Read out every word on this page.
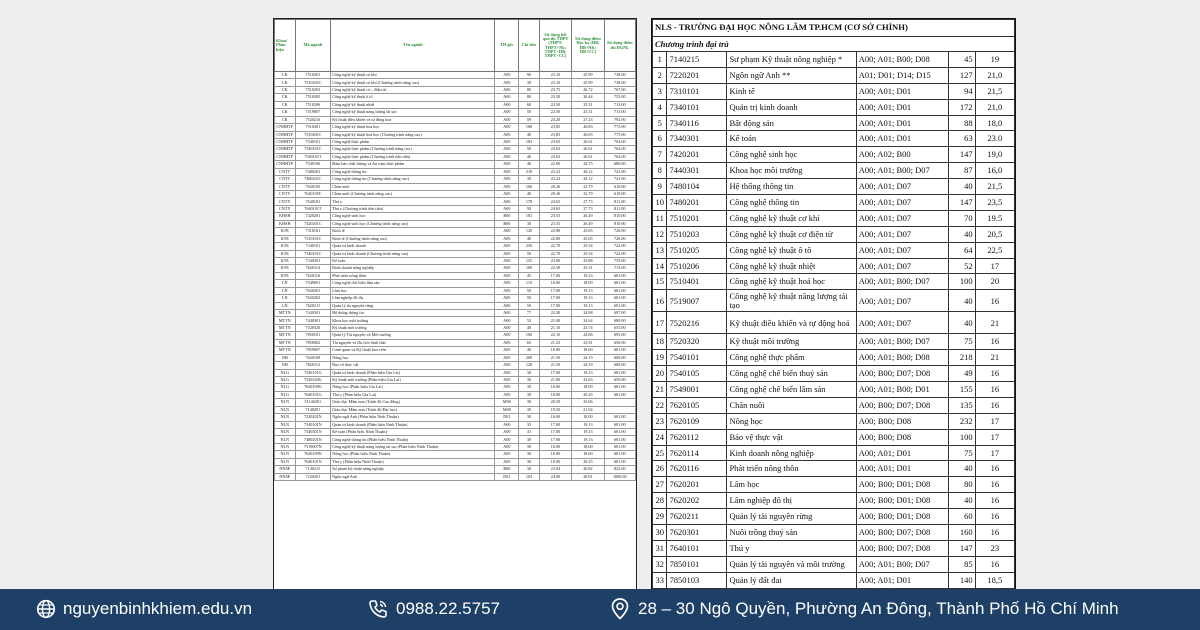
Khoa/ Phân hiệu	Mã ngành	Tên ngành	TH gốc	Chỉ tiêu	Sử dụng kết quả thi THPT (THPT: THPT+Nk; THPT+HB; THPT+CC)	Sử dụng điểm Học bạ (HB; HB+NK; HB+CC)	Sử dụng điểm thi ĐGNL
CK	7510201	Công nghệ kỹ thuật cơ khí	A00	96	23.10	25.99	738.00
CK	7510201C	Công nghệ kỹ thuật cơ khí (Chương trình nâng cao)	A00	30	23.10	25.99	738.00
CK	7510203	Công nghệ kỹ thuật cơ – điện tử	A00	80	23.75	26.72	767.00
CK	7510205	Công nghệ kỹ thuật ô tô	A00	80	23.50	26.44	755.00
CK	7510206	Công nghệ kỹ thuật nhiệt	A00	60	22.50	25.31	713.00
CK	7519007	Công nghệ kỹ thuật năng lượng tái tạo	A00	50	22.50	25.31	713.00
CK	7520216	Kỹ thuật điều khiển và tự động hóa	A00	59	24.20	27.23	792.00
CNHHTP	7510401	Công nghệ kỹ thuật hóa học	A00	100	23.85	26.83	775.00
CNHHTP	7510401C	Công nghệ kỹ thuật hoá học (Chương trình nâng cao)	A00	40	23.85	26.83	775.00
CNHHTP	7540101	Công nghệ thực phẩm	A00	183	23.65	26.61	764.00
CNHHTP	7540101C	Công nghệ thực phẩm (Chương trình nâng cao)	A00	50	23.65	26.61	764.00
CNHHTP	7540101T	Công nghệ thực phẩm (Chương trình tiên tiến)	A00	40	23.65	26.61	764.00
CNHHTP	7540106	Đảm bảo chất lượng và An toàn thực phẩm	A00	40	22.00	24.75	680.00
CNTT	7480201	Công nghệ thông tin	A00	210	23.22	26.12	741.00
CNTT	7480201C	Công nghệ thông tin (Chương trình nâng cao)	A00	30	23.22	26.12	741.00
CNTY	7620105	Chăn nuôi	A00	160	20.26	22.79	610.00
CNTY	7620105C	Chăn nuôi (Chương trình nâng cao)	A00	40	20.26	22.79	610.00
CNTY	7640101	Thú y	A00	178	24.65	27.73	811.00
CNTY	7640101T	Thú y (Chương trình tiên tiến)	A00	50	24.65	27.73	811.00
KHSH	7420201	Công nghệ sinh học	B00	181	23.55	26.49	810.00
KHSH	7420201C	Công nghệ sinh học (Chương trình nâng cao)	B00	30	23.55	26.49	810.00
KTE	7310101	Kinh tế	A00	120	22.80	25.65	726.00
KTE	7310101C	Kinh tế (Chương trình nâng cao)	A00	40	22.80	25.65	726.00
KTE	7340101	Quản trị kinh doanh	A00	250	22.70	25.54	722.00
KTE	7340101C	Quản trị kinh doanh (Chương trình nâng cao)	A00	50	22.70	25.54	722.00
KTE	7340301	Kế toán	A00	155	23.00	25.88	735.00
KTE	7620114	Kinh doanh nông nghiệp	A00	100	22.50	25.31	713.00
KTE	7620116	Phát triển nông thôn	A00	45	17.00	19.13	601.00
LN	7549001	Công nghệ chế biến lâm sản	A00	110	16.00	18.00	601.00
LN	7620201	Lâm học	A00	50	17.00	19.13	601.00
LN	7620202	Lâm nghiệp đô thị	A00	50	17.00	19.13	601.00
LN	7620211	Quản lý tài nguyên rừng	A00	50	17.00	19.13	601.00
MTTN	7440301	Hệ thống thông tin	A00	77	22.20	24.98	697.00
MTTN	7440301	Khoa học môi trường	A00	52	21.00	24.64	680.00
MTTN	7520320	Kỹ thuật môi trường	A00	40	21.10	23.74	655.00
MTTN	7850101	Quản lý Tài nguyên và Môi trường	A00	100	22.10	24.86	695.00
MTTN	7850002	Tài nguyên và Du lịch Sinh thái	A00	65	21.25	23.91	650.00
MTTN	7859007	Cảnh quan và Kỹ thuật hoa viên	A00	40	16.00	18.00	601.00
NH	7620109	Nông học	A00	200	21.50	24.19	669.00
NH	7620112	Bảo vệ thực vật	A00	120	21.50	24.19	669.00
NLG	7340101G	Quản trị kinh doanh (Phân hiệu Gia Lai)	A00	30	17.00	19.13	601.00
NLG	7520320G	Kỹ thuật môi trường (Phân hiệu Gia Lai)	A00	30	21.00	23.63	650.00
NLG	7620109G	Nông học (Phân hiệu Gia Lai)	A00	30	16.00	18.00	601.00
NLG	7640101G	Thú y (Phân hiệu Gia Lai)	A00	30	18.00	20.25	601.00
NLN	51140201	Giáo dục Mầm non (Trình độ Cao đẳng)	M00	30	20.50	23.06	
NLN	7140201	Giáo dục Mầm non (Trình độ Đại học)	M00	30	19.50	21.94	
NLN	7220201N	Ngôn ngữ Anh (Phân hiệu Ninh Thuận)	D01	30	16.00	18.00	601.00
NLN	7340101N	Quản trị kinh doanh (Phân hiệu Ninh Thuận)	A00	35	17.00	19.13	601.00
NLN	7340301N	Kế toán (Phân hiệu Ninh Thuận)	A00	41	17.00	19.13	601.00
NLN	7480201N	Công nghệ thông tin (Phân hiệu Ninh Thuận)	A00	30	17.00	19.13	601.00
NLN	7519007N	Công nghệ kỹ thuật năng lượng tái tạo (Phân hiệu Ninh Thuận)	A00	30	16.00	18.00	601.00
NLN	7620109N	Nông học (Phân hiệu Ninh Thuận)	A00	30	16.00	18.00	601.00
NLN	7640101N	Thú y (Phân hiệu Ninh Thuận)	A00	30	18.00	20.25	601.00
NNSP	7140215	Sư phạm kỹ thuật nông nghiệp	B00	30	23.84	26.82	822.00
NNSP	7220201	Ngôn ngữ Anh	D01	103	24.00	28.01	1000.00
NLS - TRƯỜNG ĐẠI HỌC NÔNG LÂM TP.HCM (CƠ SỞ CHÍNH)					
Chương trình đại trà					
1	7140215	Sư phạm Kỹ thuật nông nghiệp *	A00; A01; B00; D08	45	19
2	7220201	Ngôn ngữ Anh **	A01; D01; D14; D15	127	21,0
3	7310101	Kinh tế	A00; A01; D01	94	21,5
4	7340101	Quản trị kinh doanh	A00; A01; D01	172	21,0
5	7340116	Bất động sản	A00; A01; D01	88	18,0
6	7340301	Kế toán	A00; A01; D01	63	23.0
7	7420201	Công nghệ sinh học	A00; A02; B00	147	19,0
8	7440301	Khoa học môi trường	A00; A01; B00; D07	87	16,0
9	7480104	Hệ thống thông tin	A00; A01; D07	40	21,5
10	7480201	Công nghệ thông tin	A00; A01; D07	147	23,5
11	7510201	Công nghệ kỹ thuật cơ khí	A00; A01; D07	70	19.5
12	7510203	Công nghệ kỹ thuật cơ điện tử	A00; A01; D07	40	20,5
13	7510205	Công nghệ kỹ thuật ô tô	A00; A01; D07	64	22,5
14	7510206	Công nghệ kỹ thuật nhiệt	A00; A01; D07	52	17
15	7510401	Công nghệ kỹ thuật hoá học	A00; A01; B00; D07	100	20
16	7519007	Công nghệ kỹ thuật năng lượng tái tạo	A00; A01; D07	40	16
17	7520216	Kỹ thuật điều khiển và tự động hoá	A00; A01; D07	40	21
18	7520320	Kỹ thuật môi trường	A00; A01; B00; D07	75	16
19	7540101	Công nghệ thực phẩm	A00; A01; B00; D08	218	21
20	7540105	Công nghệ chế biến thuỷ sản	A00; B00; D07; D08	49	16
21	7549001	Công nghệ chế biến lâm sản	A00; A01; B00; D01	155	16
22	7620105	Chăn nuôi	A00; B00; D07; D08	135	16
23	7620109	Nông học	A00; B00; D08	232	17
24	7620112	Bảo vệ thực vật	A00; B00; D08	100	17
25	7620114	Kinh doanh nông nghiệp	A00; A01; D01	75	17
26	7620116	Phát triển nông thôn	A00; A01; D01	40	16
27	7620201	Lâm học	A00; B00; D01; D08	80	16
28	7620202	Lâm nghiệp đô thị	A00; B00; D01; D08	40	16
29	7620211	Quản lý tài nguyên rừng	A00; B00; D01; D08	60	16
30	7620301	Nuôi trồng thuỷ sản	A00; B00; D07; D08	160	16
31	7640101	Thú y	A00; B00; D07; D08	147	23
32	7850101	Quản lý tài nguyên và môi trường	A00; A01; B00; D07	85	16
33	7850103	Quản lý đất đai	A00; A01; D01	140	18,5

nguyenbinhkhiem.edu.vn	0988.22.5757	28 – 30 Ngô Quyền, Phường An Đông, Thành Phố Hồ Chí Minh
